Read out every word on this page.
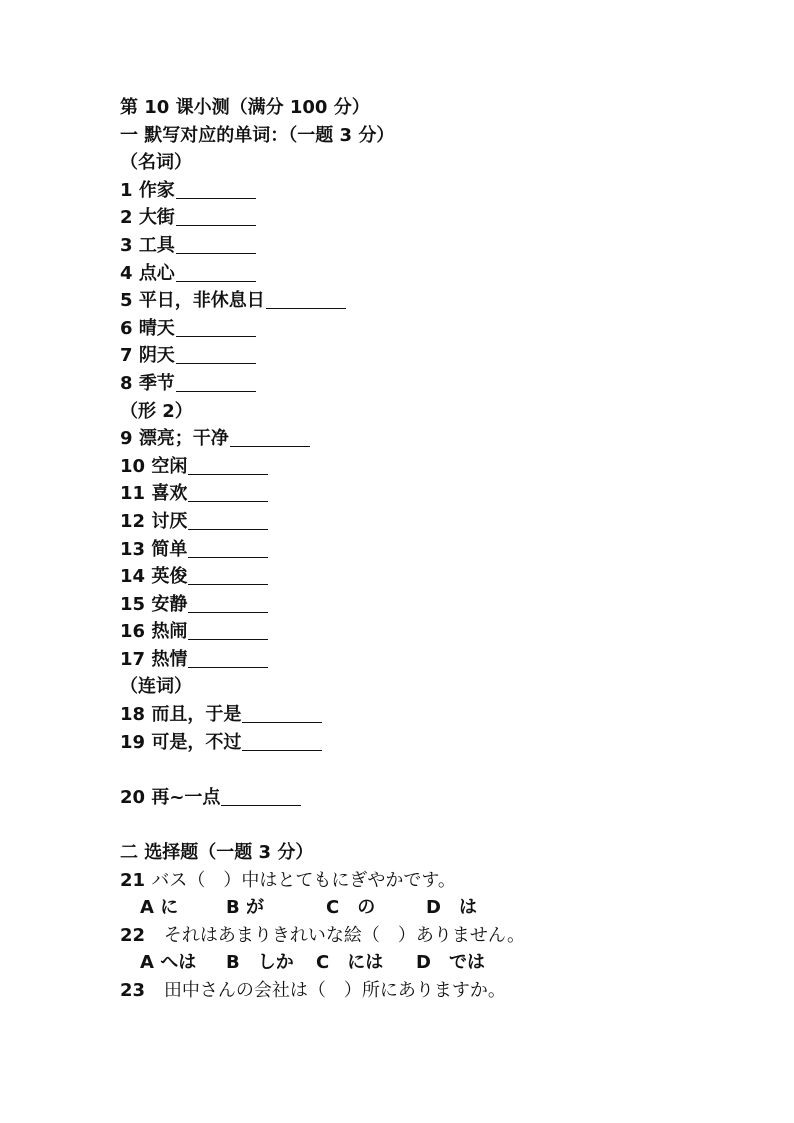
第 10 课小测（满分 100 分）
一 默写对应的单词：（一题 3 分）
（名词）
1 作家
2 大街
3 工具
4 点心
5 平日，非休息日
6 晴天
7 阴天
8 季节
（形 2）
9 漂亮；干净
10 空闲
11 喜欢
12 讨厌
13 简单
14 英俊
15 安静
16 热闹
17 热情
（连词）
18 而且，于是
19 可是，不过
20 再~一点
二 选择题（一题 3 分）
21 バス（　）中はとてもにぎやかです。
A に	B が	C　の	D　は
22 それはあまりきれいな絵（　）ありません。
A へは B　しか C　には D　では
23 田中さんの会社は（　）所にありますか。
